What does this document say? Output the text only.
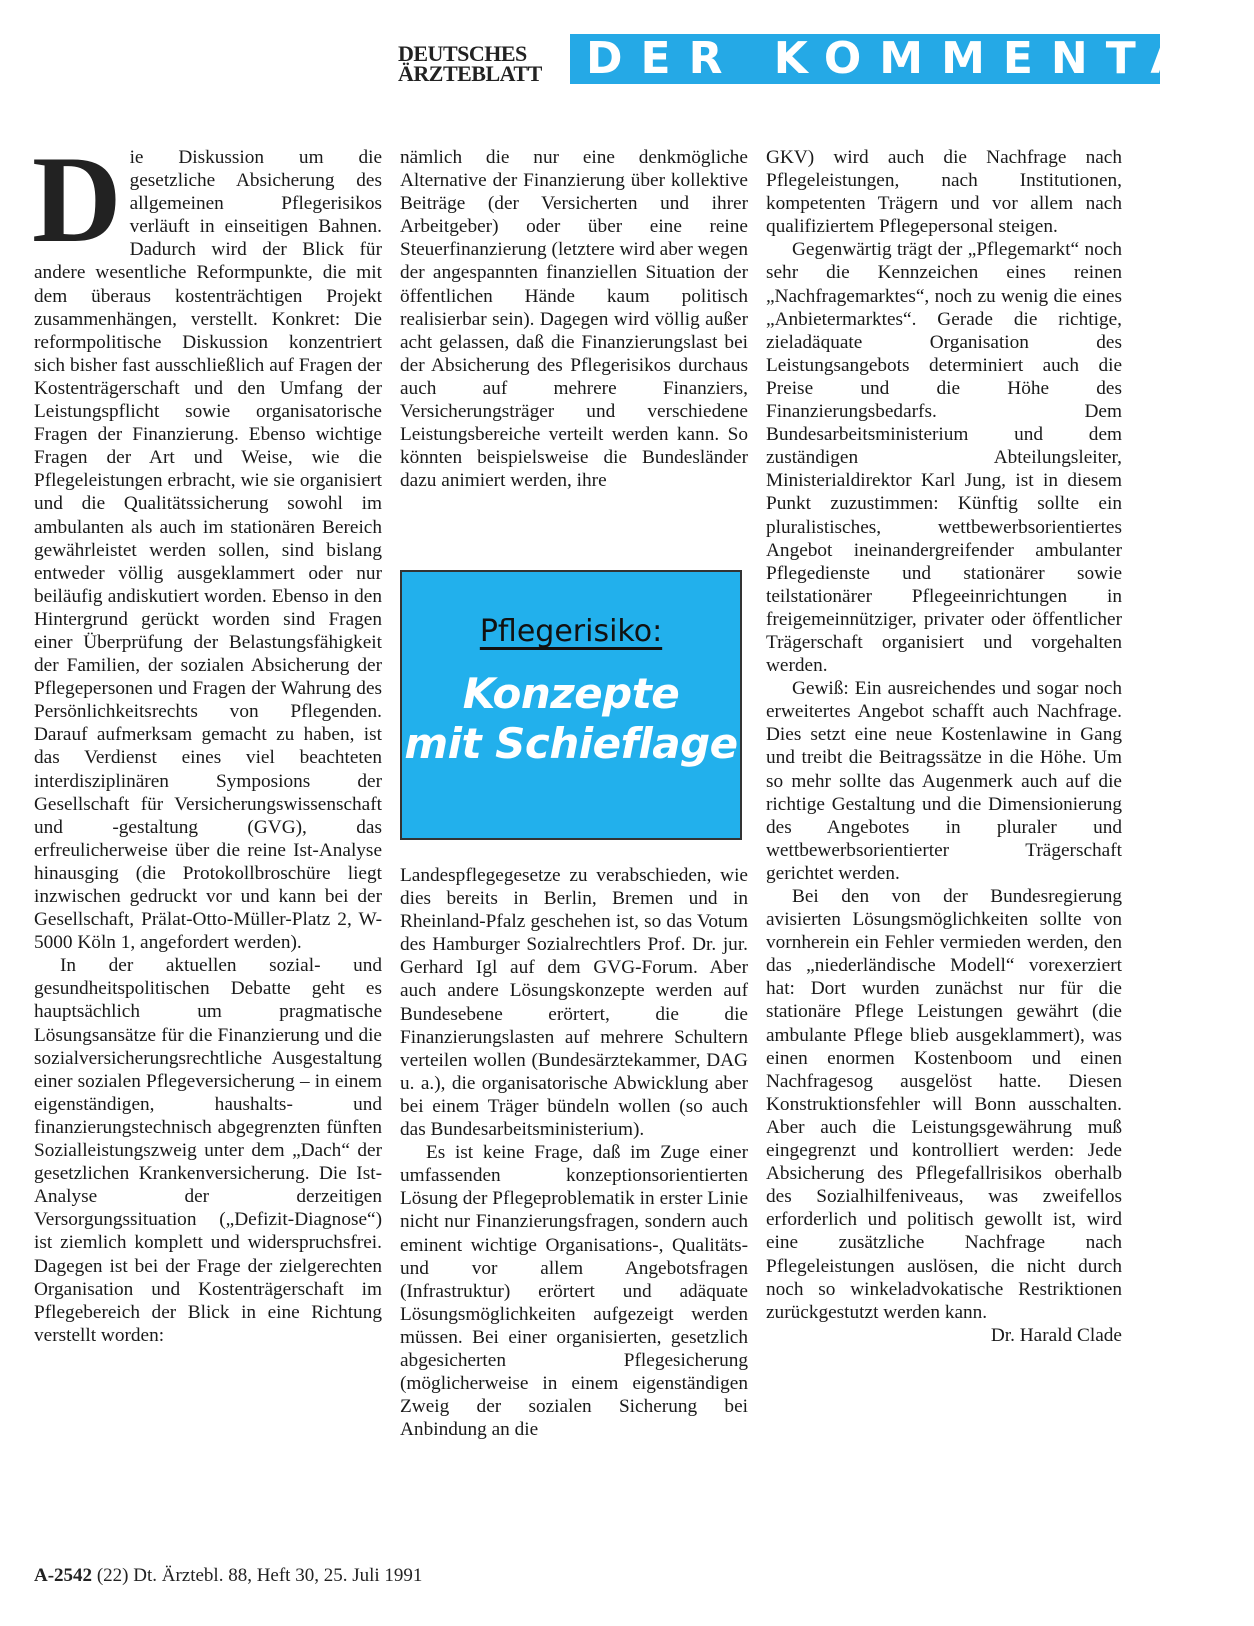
DEUTSCHES
ÄRZTEBLATT	DER KOMMENTAR

Die Diskussion um die gesetzliche Absicherung des allgemeinen Pflegerisikos verläuft in einseitigen Bahnen. Dadurch wird der Blick für andere wesentliche Reformpunkte, die mit dem überaus kostenträchtigen Projekt zusammenhängen, verstellt. Konkret: Die reformpolitische Diskussion konzentriert sich bisher fast ausschließlich auf Fragen der Kostenträgerschaft und den Umfang der Leistungspflicht sowie organisatorische Fragen der Finanzierung. Ebenso wichtige Fragen der Art und Weise, wie die Pflegeleistungen erbracht, wie sie organisiert und die Qualitätssicherung sowohl im ambulanten als auch im stationären Bereich gewährleistet werden sollen, sind bislang entweder völlig ausgeklammert oder nur beiläufig andiskutiert worden. Ebenso in den Hintergrund gerückt worden sind Fragen einer Überprüfung der Belastungsfähigkeit der Familien, der sozialen Absicherung der Pflegepersonen und Fragen der Wahrung des Persönlichkeitsrechts von Pflegenden. Darauf aufmerksam gemacht zu haben, ist das Verdienst eines viel beachteten interdisziplinären Symposions der Gesellschaft für Versicherungswissenschaft und -gestaltung (GVG), das erfreulicherweise über die reine Ist-Analyse hinausging (die Protokollbroschüre liegt inzwischen gedruckt vor und kann bei der Gesellschaft, Prälat-Otto-Müller-Platz 2, W-5000 Köln 1, angefordert werden).

In der aktuellen sozial- und gesundheitspolitischen Debatte geht es hauptsächlich um pragmatische Lösungsansätze für die Finanzierung und die sozialversicherungsrechtliche Ausgestaltung einer sozialen Pflegeversicherung – in einem eigenständigen, haushalts- und finanzierungstechnisch abgegrenzten fünften Sozialleistungszweig unter dem „Dach“ der gesetzlichen Krankenversicherung. Die Ist-Analyse der derzeitigen Versorgungssituation („Defizit-Diagnose“) ist ziemlich komplett und widerspruchsfrei. Dagegen ist bei der Frage der zielgerechten Organisation und Kostenträgerschaft im Pflegebereich der Blick in eine Richtung verstellt worden:

nämlich die nur eine denkmögliche Alternative der Finanzierung über kollektive Beiträge (der Versicherten und ihrer Arbeitgeber) oder über eine reine Steuerfinanzierung (letztere wird aber wegen der angespannten finanziellen Situation der öffentlichen Hände kaum politisch realisierbar sein). Dagegen wird völlig außer acht gelassen, daß die Finanzierungslast bei der Absicherung des Pflegerisikos durchaus auch auf mehrere Finanziers, Versicherungsträger und verschiedene Leistungsbereiche verteilt werden kann. So könnten beispielsweise die Bundesländer dazu animiert werden, ihre

Pflegerisiko:
Konzepte
mit Schieflage

Landespflegegesetze zu verabschieden, wie dies bereits in Berlin, Bremen und in Rheinland-Pfalz geschehen ist, so das Votum des Hamburger Sozialrechtlers Prof. Dr. jur. Gerhard Igl auf dem GVG-Forum. Aber auch andere Lösungskonzepte werden auf Bundesebene erörtert, die die Finanzierungslasten auf mehrere Schultern verteilen wollen (Bundesärztekammer, DAG u. a.), die organisatorische Abwicklung aber bei einem Träger bündeln wollen (so auch das Bundesarbeitsministerium).

Es ist keine Frage, daß im Zuge einer umfassenden konzeptionsorientierten Lösung der Pflegeproblematik in erster Linie nicht nur Finanzierungsfragen, sondern auch eminent wichtige Organisations-, Qualitäts- und vor allem Angebotsfragen (Infrastruktur) erörtert und adäquate Lösungsmöglichkeiten aufgezeigt werden müssen. Bei einer organisierten, gesetzlich abgesicherten Pflegesicherung (möglicherweise in einem eigenständigen Zweig der sozialen Sicherung bei Anbindung an die

GKV) wird auch die Nachfrage nach Pflegeleistungen, nach Institutionen, kompetenten Trägern und vor allem nach qualifiziertem Pflegepersonal steigen.

Gegenwärtig trägt der „Pflegemarkt“ noch sehr die Kennzeichen eines reinen „Nachfragemarktes“, noch zu wenig die eines „Anbietermarktes“. Gerade die richtige, zieladäquate Organisation des Leistungsangebots determiniert auch die Preise und die Höhe des Finanzierungsbedarfs. Dem Bundesarbeitsministerium und dem zuständigen Abteilungsleiter, Ministerialdirektor Karl Jung, ist in diesem Punkt zuzustimmen: Künftig sollte ein pluralistisches, wettbewerbsorientiertes Angebot ineinandergreifender ambulanter Pflegedienste und stationärer sowie teilstationärer Pflegeeinrichtungen in freigemeinnütziger, privater oder öffentlicher Trägerschaft organisiert und vorgehalten werden.

Gewiß: Ein ausreichendes und sogar noch erweitertes Angebot schafft auch Nachfrage. Dies setzt eine neue Kostenlawine in Gang und treibt die Beitragssätze in die Höhe. Um so mehr sollte das Augenmerk auch auf die richtige Gestaltung und die Dimensionierung des Angebotes in pluraler und wettbewerbsorientierter Trägerschaft gerichtet werden.

Bei den von der Bundesregierung avisierten Lösungsmöglichkeiten sollte von vornherein ein Fehler vermieden werden, den das „niederländische Modell“ vorexerziert hat: Dort wurden zunächst nur für die stationäre Pflege Leistungen gewährt (die ambulante Pflege blieb ausgeklammert), was einen enormen Kostenboom und einen Nachfragesog ausgelöst hatte. Diesen Konstruktionsfehler will Bonn ausschalten. Aber auch die Leistungsgewährung muß eingegrenzt und kontrolliert werden: Jede Absicherung des Pflegefallrisikos oberhalb des Sozialhilfeniveaus, was zweifellos erforderlich und politisch gewollt ist, wird eine zusätzliche Nachfrage nach Pflegeleistungen auslösen, die nicht durch noch so winkeladvokatische Restriktionen zurückgestutzt werden kann.
Dr. Harald Clade

A-2542 (22) Dt. Ärztebl. 88, Heft 30, 25. Juli 1991
